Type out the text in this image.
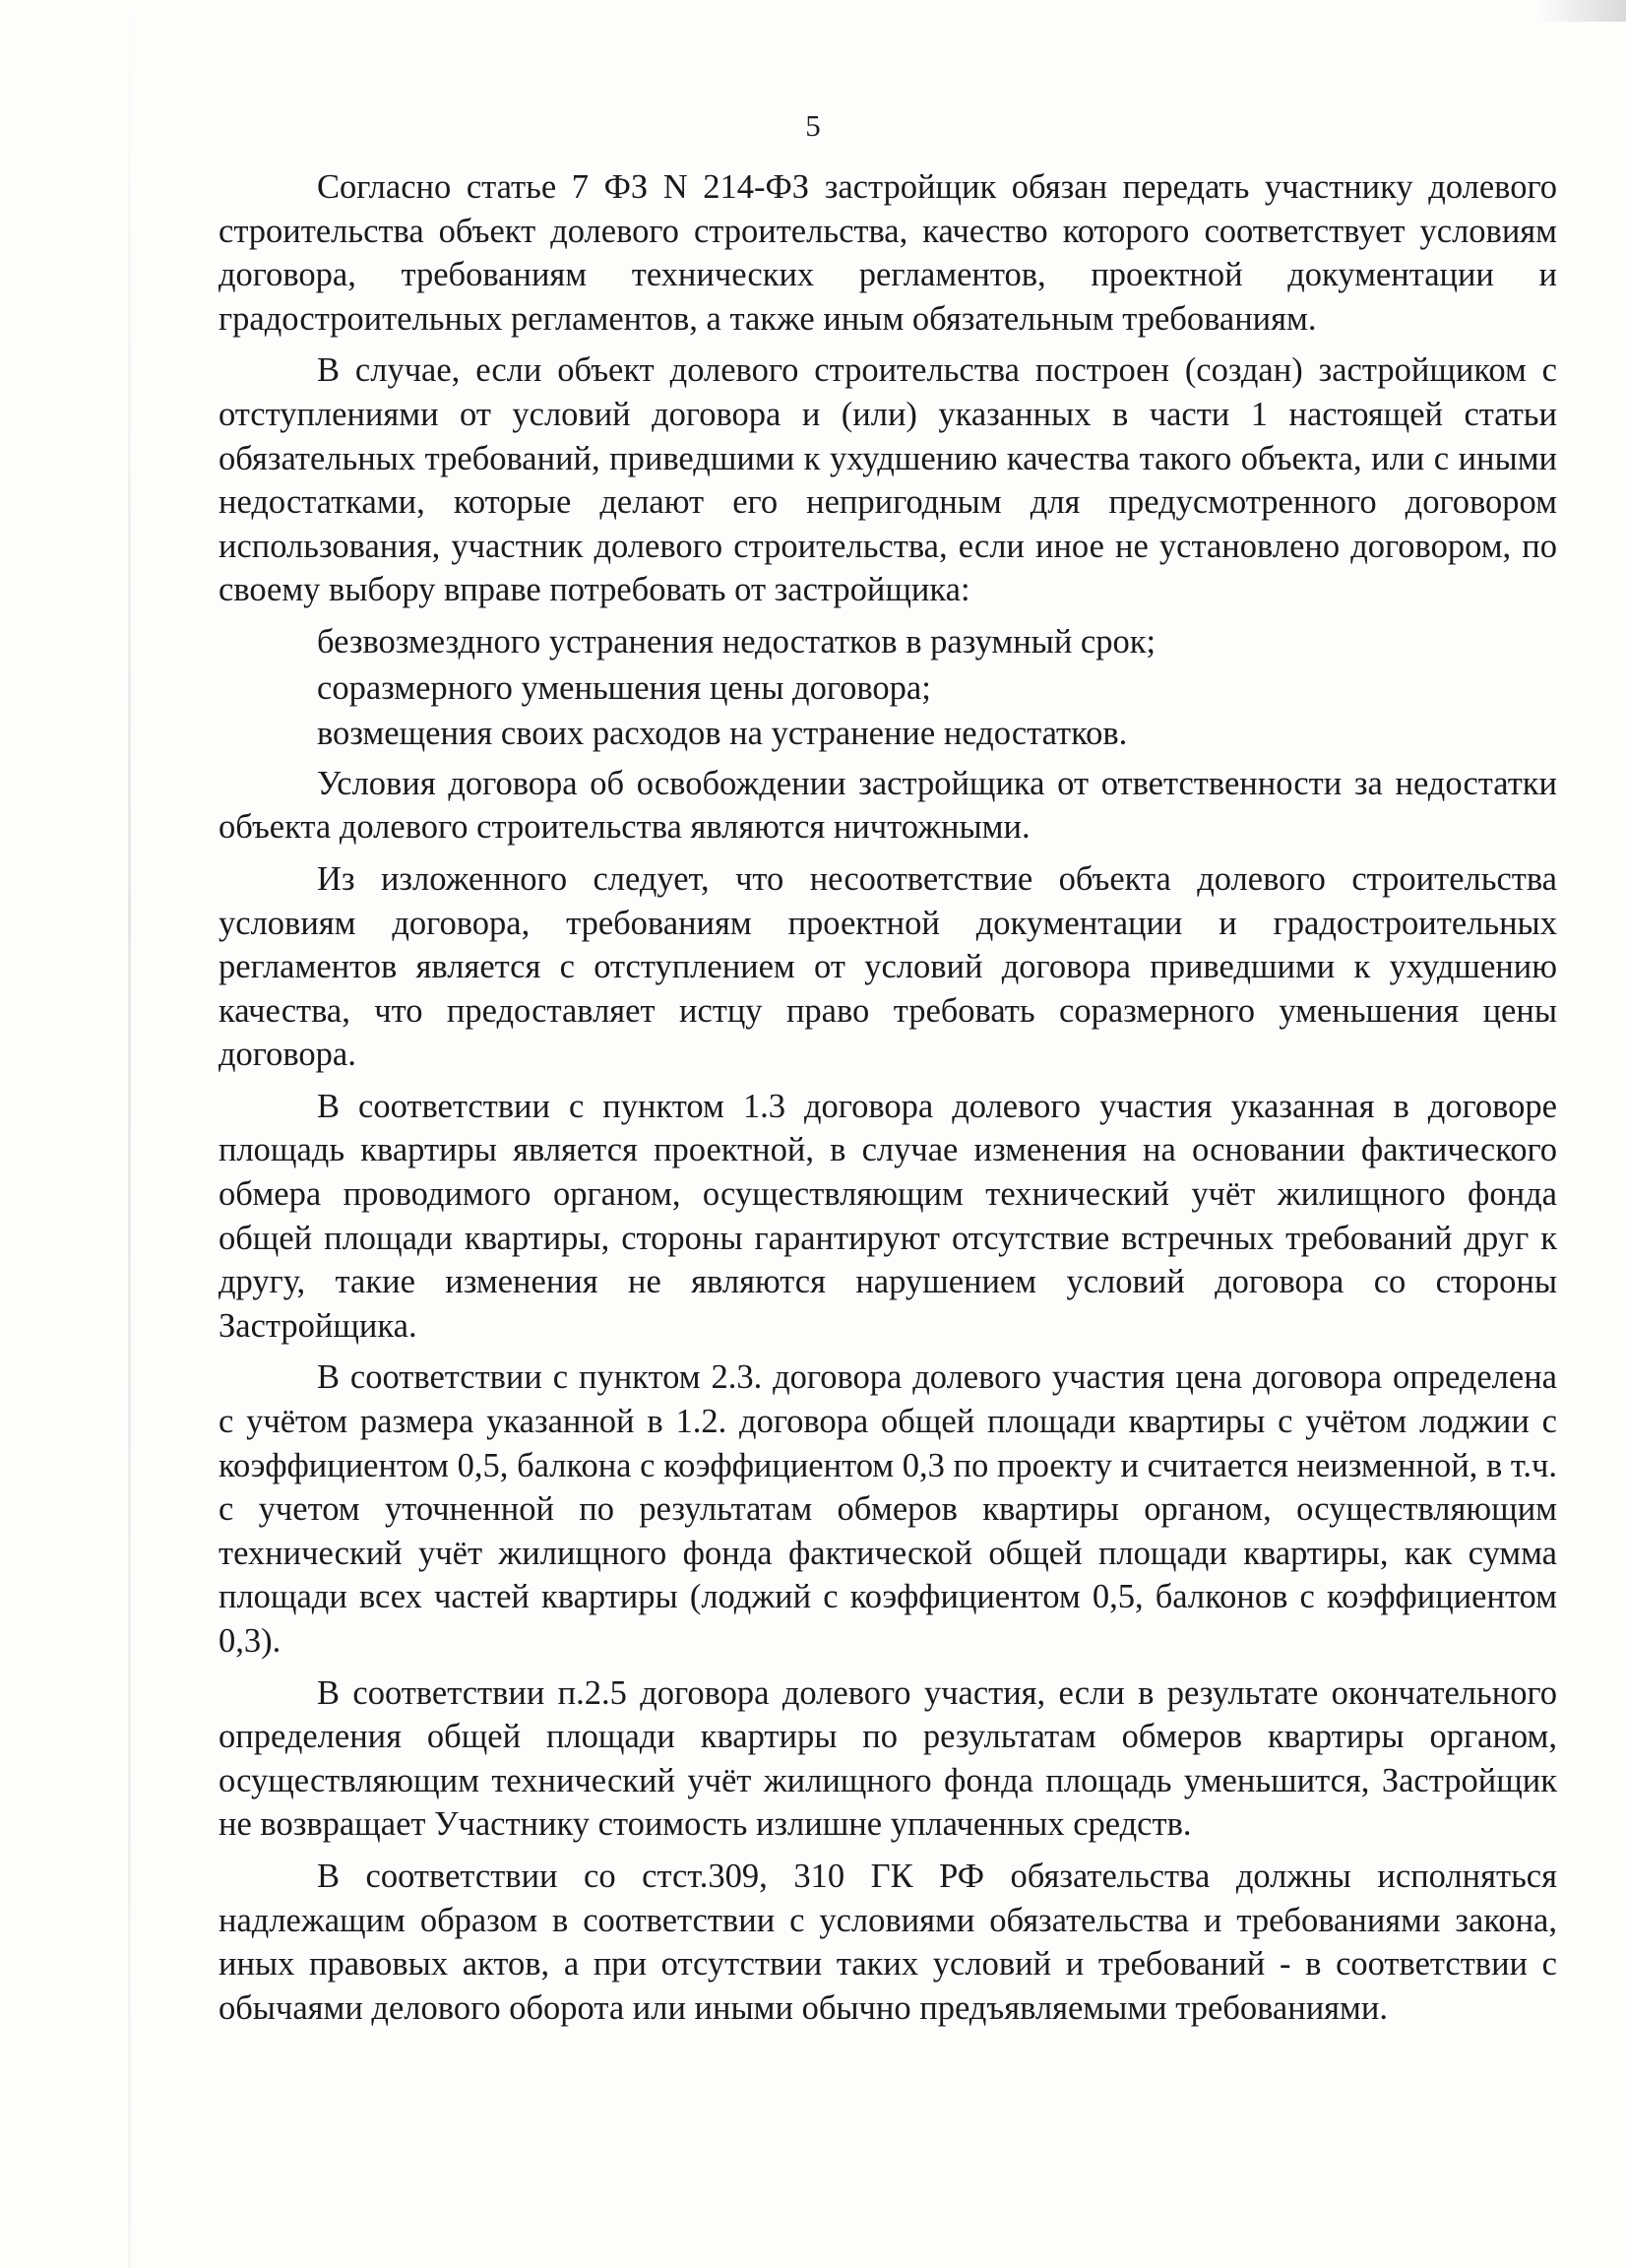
5

Согласно статье 7 ФЗ N 214-ФЗ застройщик обязан передать участнику долевого строительства объект долевого строительства, качество которого соответствует условиям договора, требованиям технических регламентов, проектной документации и градостроительных регламентов, а также иным обязательным требованиям.

В случае, если объект долевого строительства построен (создан) застройщиком с отступлениями от условий договора и (или) указанных в части 1 настоящей статьи обязательных требований, приведшими к ухудшению качества такого объекта, или с иными недостатками, которые делают его непригодным для предусмотренного договором использования, участник долевого строительства, если иное не установлено договором, по своему выбору вправе потребовать от застройщика:

безвозмездного устранения недостатков в разумный срок;

соразмерного уменьшения цены договора;

возмещения своих расходов на устранение недостатков.

Условия договора об освобождении застройщика от ответственности за недостатки объекта долевого строительства являются ничтожными.

Из изложенного следует, что несоответствие объекта долевого строительства условиям договора, требованиям проектной документации и градостроительных регламентов является с отступлением от условий договора приведшими к ухудшению качества, что предоставляет истцу право требовать соразмерного уменьшения цены договора.

В соответствии с пунктом 1.3 договора долевого участия указанная в договоре площадь квартиры является проектной, в случае изменения на основании фактического обмера проводимого органом, осуществляющим технический учёт жилищного фонда общей площади квартиры, стороны гарантируют отсутствие встречных требований друг к другу, такие изменения не являются нарушением условий договора со стороны Застройщика.

В соответствии с пунктом 2.3. договора долевого участия цена договора определена с учётом размера указанной в 1.2. договора общей площади квартиры с учётом лоджии с коэффициентом 0,5, балкона с коэффициентом 0,3 по проекту и считается неизменной, в т.ч. с учетом уточненной по результатам обмеров квартиры органом, осуществляющим технический учёт жилищного фонда фактической общей площади квартиры, как сумма площади всех частей квартиры (лоджий с коэффициентом 0,5, балконов с коэффициентом 0,3).

В соответствии п.2.5 договора долевого участия, если в результате окончательного определения общей площади квартиры по результатам обмеров квартиры органом, осуществляющим технический учёт жилищного фонда площадь уменьшится, Застройщик не возвращает Участнику стоимость излишне уплаченных средств.

В соответствии со стст.309, 310 ГК РФ обязательства должны исполняться надлежащим образом в соответствии с условиями обязательства и требованиями закона, иных правовых актов, а при отсутствии таких условий и требований - в соответствии с обычаями делового оборота или иными обычно предъявляемыми требованиями.
